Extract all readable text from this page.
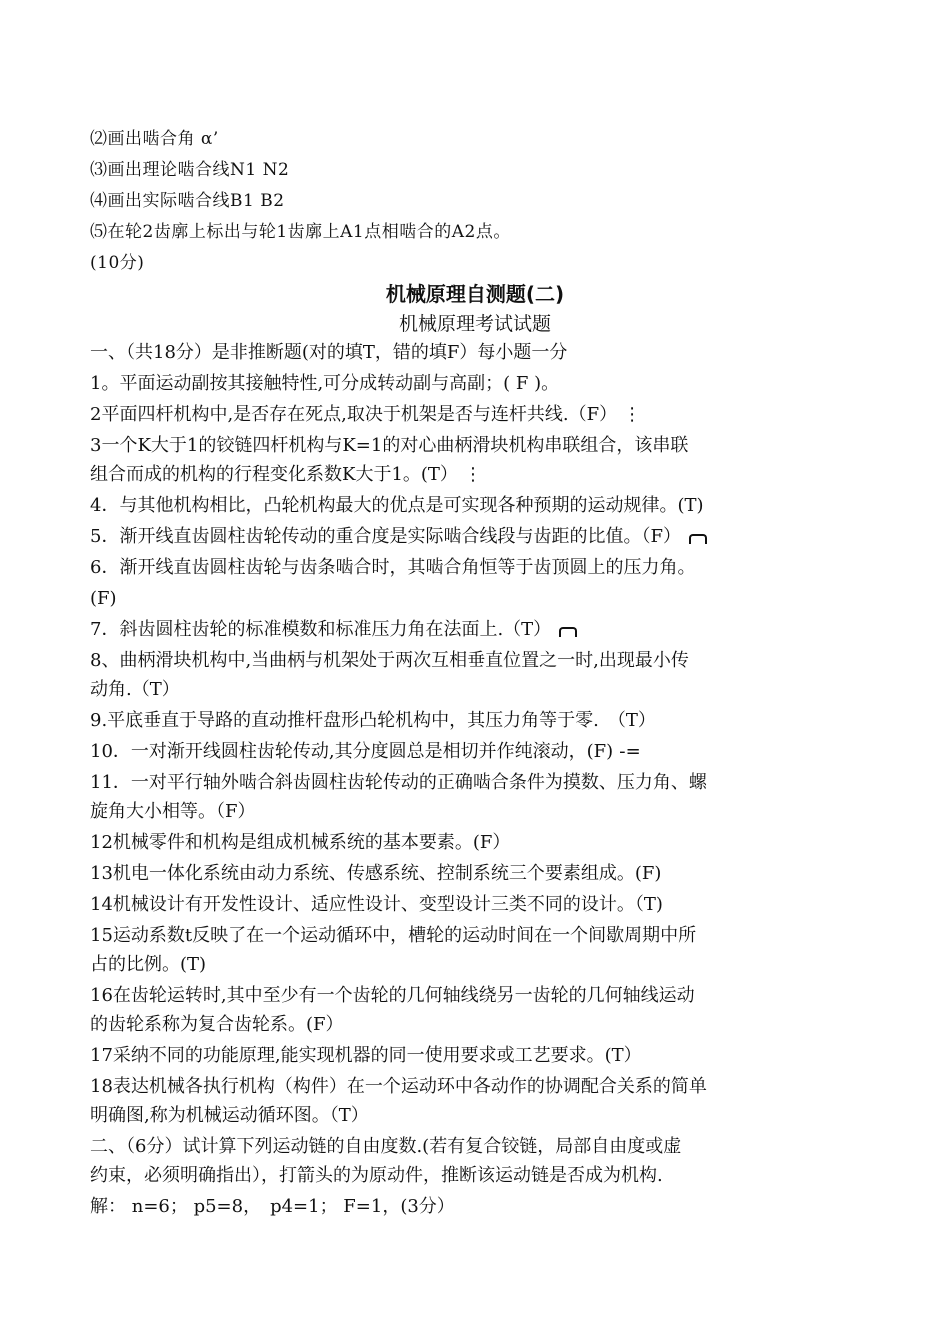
⑵画出啮合角 α’
⑶画出理论啮合线N1 N2
⑷画出实际啮合线B1 B2
⑸在轮2齿廓上标出与轮1齿廓上A1点相啮合的A2点。
(10分)
机械原理自测题(二)
机械原理考试试题
一、（共18分）是非推断题(对的填T，错的填F）每小题一分
1。平面运动副按其接触特性,可分成转动副与高副；( F )。
2平面四杆机构中,是否存在死点,取决于机架是否与连杆共线.（F） ⋮
3一个K大于1的铰链四杆机构与K=1的对心曲柄滑块机构串联组合，该串联
组合而成的机构的行程变化系数K大于1。(T） ⋮
4．与其他机构相比，凸轮机构最大的优点是可实现各种预期的运动规律。(T)
5．渐开线直齿圆柱齿轮传动的重合度是实际啮合线段与齿距的比值。（F）
6．渐开线直齿圆柱齿轮与齿条啮合时，其啮合角恒等于齿顶圆上的压力角。
(F)
7．斜齿圆柱齿轮的标准模数和标准压力角在法面上.（T）
8、曲柄滑块机构中,当曲柄与机架处于两次互相垂直位置之一时,出现最小传
动角.（T）
9.平底垂直于导路的直动推杆盘形凸轮机构中，其压力角等于零.　（T）
10．一对渐开线圆柱齿轮传动,其分度圆总是相切并作纯滚动，(F) -=
11．一对平行轴外啮合斜齿圆柱齿轮传动的正确啮合条件为摸数、压力角、螺
旋角大小相等。（F）
12机械零件和机构是组成机械系统的基本要素。(F）
13机电一体化系统由动力系统、传感系统、控制系统三个要素组成。(F)
14机械设计有开发性设计、适应性设计、变型设计三类不同的设计。（T)
15运动系数t反映了在一个运动循环中，槽轮的运动时间在一个间歇周期中所
占的比例。(T)
16在齿轮运转时,其中至少有一个齿轮的几何轴线绕另一齿轮的几何轴线运动
的齿轮系称为复合齿轮系。(F）
17采纳不同的功能原理,能实现机器的同一使用要求或工艺要求。(T）
18表达机械各执行机构（构件）在一个运动环中各动作的协调配合关系的简单
明确图,称为机械运动循环图。（T）
二、（6分）试计算下列运动链的自由度数.(若有复合铰链，局部自由度或虚
约束，必须明确指出），打箭头的为原动件，推断该运动链是否成为机构.
解： n=6； p5=8，　p4=1； F=1，(3分）
